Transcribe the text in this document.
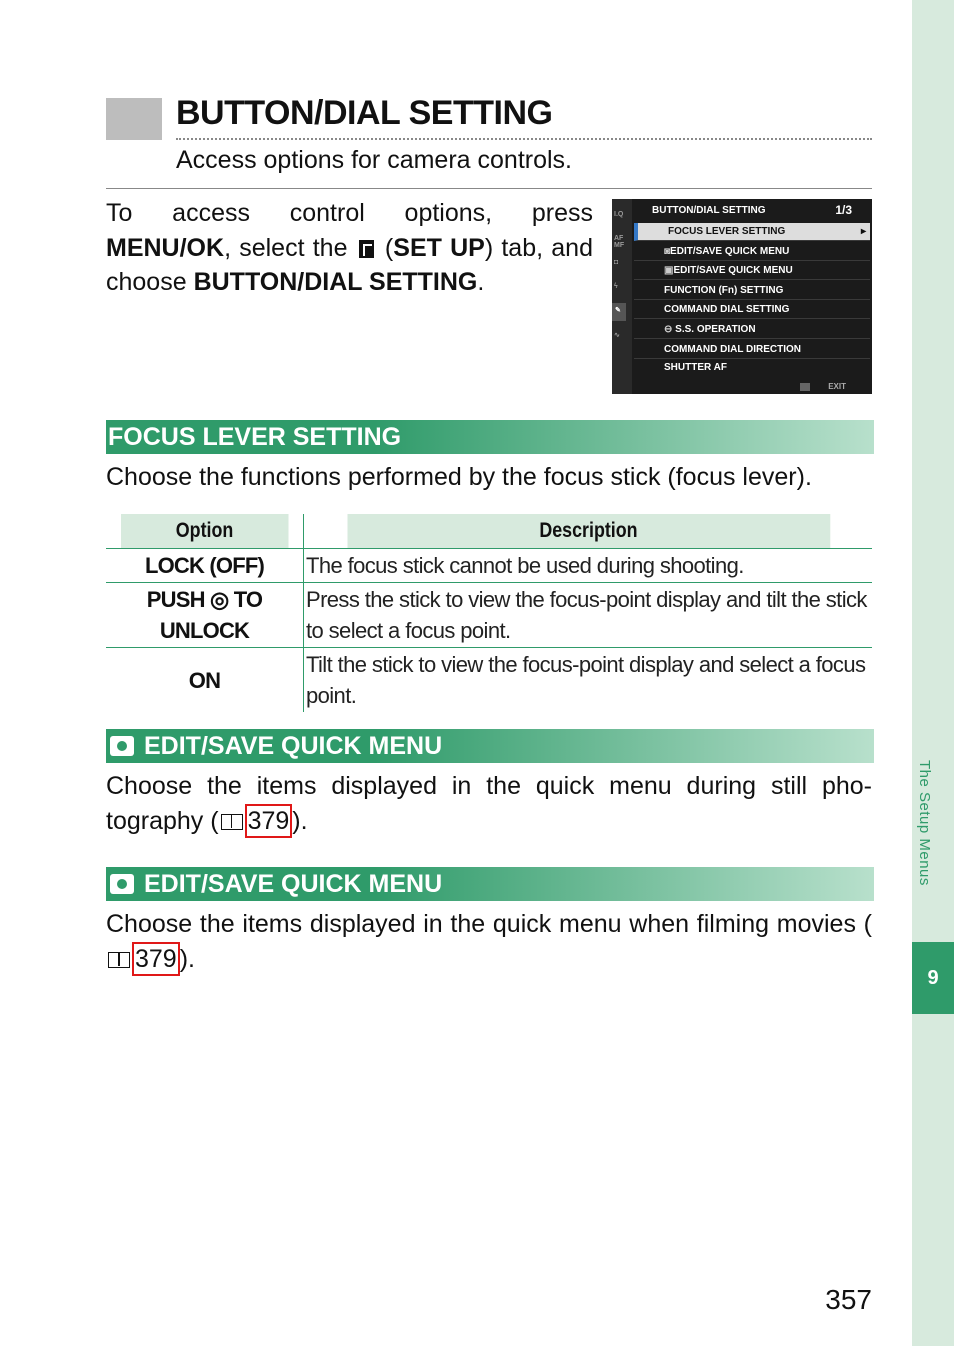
The Setup Menus
9
BUTTON/DIAL SETTING
Access options for camera controls.
To access control options, press MENU/OK, select the  (SET UP) tab, and choose BUTTON/DIAL SETTING.
I.Q
AF MF
◘
ϟ
✎
∿
BUTTON/DIAL SETTING	1/3
FOCUS LEVER SETTING ▸
◙EDIT/SAVE QUICK MENU
▣EDIT/SAVE QUICK MENU
FUNCTION (Fn) SETTING
COMMAND DIAL SETTING
⊖ S.S. OPERATION
COMMAND DIAL DIRECTION
SHUTTER AF
EXIT
FOCUS LEVER SETTING
Choose the functions performed by the focus stick (focus lever).
Option	Description
LOCK (OFF)	The focus stick cannot be used during shooting.
PUSH ◎ TO UNLOCK	Press the stick to view the focus-point display and tilt the stick to select a focus point.
ON	Tilt the stick to view the focus-point display and select a focus point.
EDIT/SAVE QUICK MENU
Choose the items displayed in the quick menu during still photography ( 379 ).
EDIT/SAVE QUICK MENU
Choose the items displayed in the quick menu when filming movies (379 ).
357
